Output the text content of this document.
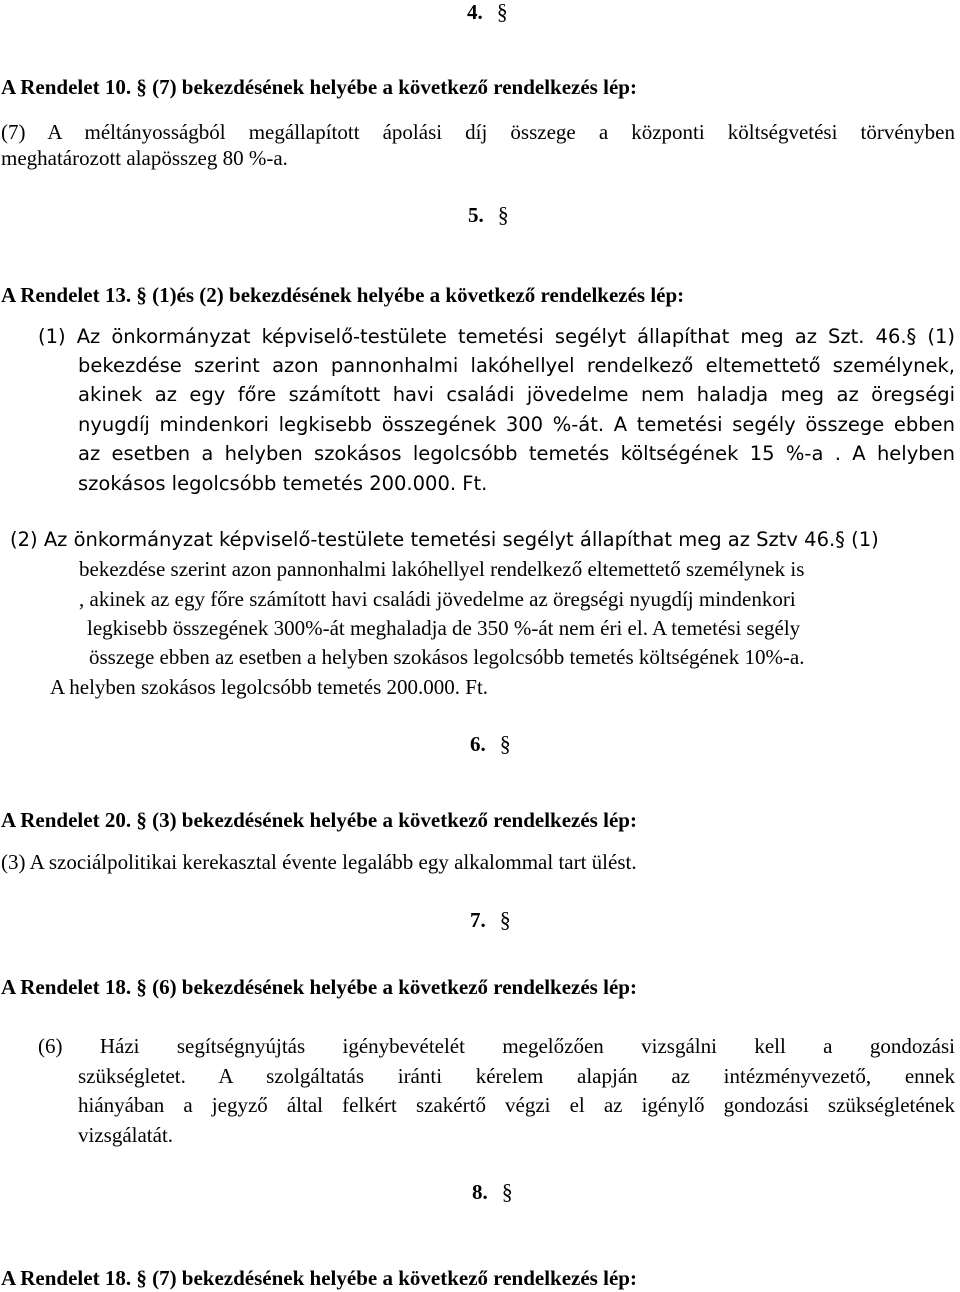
4. §
A Rendelet 10. § (7) bekezdésének helyébe a következő rendelkezés lép:
(7) A méltányosságból megállapított ápolási díj összege a központi költségvetési törvényben
meghatározott alapösszeg 80 %-a.
5. §
A Rendelet 13. § (1)és (2) bekezdésének helyébe a következő rendelkezés lép:
(1) Az önkormányzat képviselő-testülete temetési segélyt állapíthat meg az Szt. 46.§ (1)
bekezdése szerint azon pannonhalmi lakóhellyel rendelkező eltemettető személynek,
akinek az egy főre számított havi családi jövedelme nem haladja meg az öregségi
nyugdíj mindenkori legkisebb összegének 300 %-át. A temetési segély összege ebben
az esetben a helyben szokásos legolcsóbb temetés költségének 15 %-a . A helyben
szokásos legolcsóbb temetés 200.000. Ft.
(2) Az önkormányzat képviselő-testülete temetési segélyt állapíthat meg az Sztv 46.§ (1)
bekezdése szerint azon pannonhalmi lakóhellyel rendelkező eltemettető személynek is
, akinek az egy főre számított havi családi jövedelme az öregségi nyugdíj mindenkori
legkisebb összegének 300%-át meghaladja de 350 %-át nem éri el. A temetési segély
összege ebben az esetben a helyben szokásos legolcsóbb temetés költségének 10%-a.
A helyben szokásos legolcsóbb temetés 200.000. Ft.
6. §
A Rendelet 20. § (3) bekezdésének helyébe a következő rendelkezés lép:
(3) A szociálpolitikai kerekasztal évente legalább egy alkalommal tart ülést.
7. §
A Rendelet 18. § (6) bekezdésének helyébe a következő rendelkezés lép:
(6) Házi segítségnyújtás igénybevételét megelőzően vizsgálni kell a gondozási
szükségletet. A szolgáltatás iránti kérelem alapján az intézményvezető, ennek
hiányában a jegyző által felkért szakértő végzi el az igénylő gondozási szükségletének
vizsgálatát.
8. §
A Rendelet 18. § (7) bekezdésének helyébe a következő rendelkezés lép:
